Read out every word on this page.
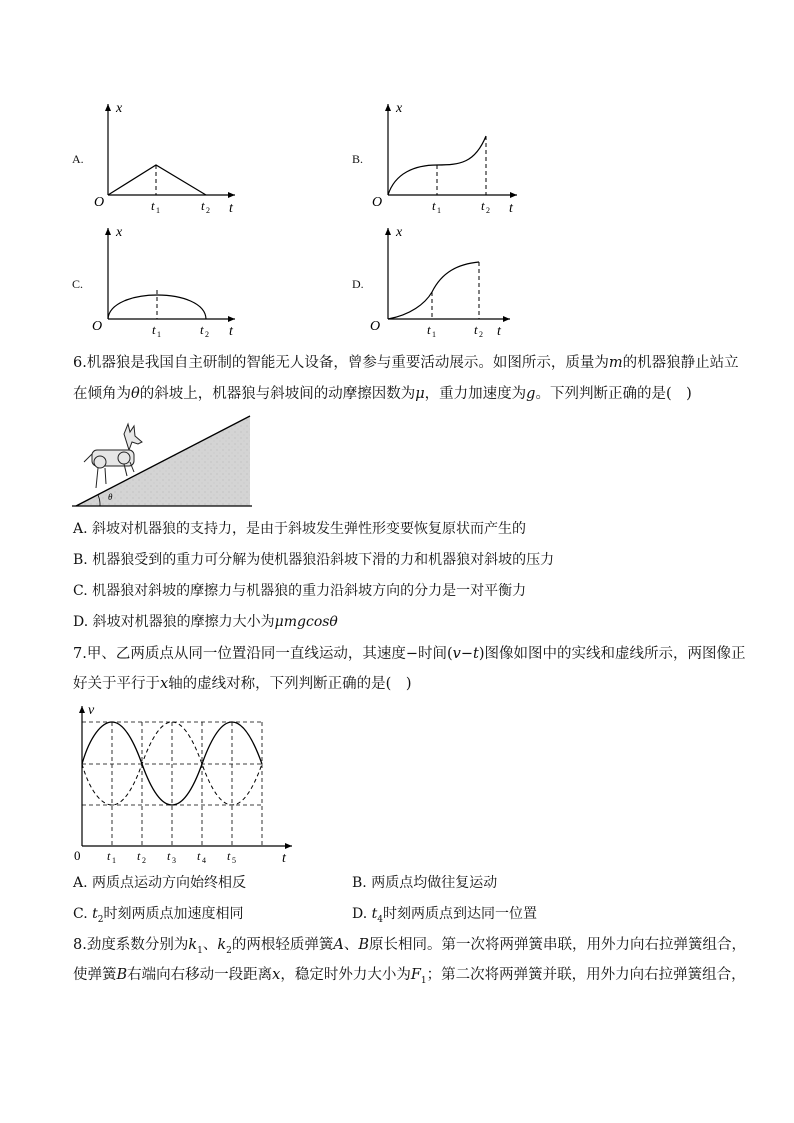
A.
x
O	t
t 1	t 2
B.
x
O	t
t 1	t 2
C.
x
O	t
t 1	t 2
D.
x
O	t
t 1	t 2
6.机器狼是我国自主研制的智能无人设备，曾参与重要活动展示。如图所示，质量为m的机器狼静止站立
在倾角为θ的斜坡上，机器狼与斜坡间的动摩擦因数为μ，重力加速度为g。下列判断正确的是(　)
θ
A. 斜坡对机器狼的支持力，是由于斜坡发生弹性形变要恢复原状而产生的
B. 机器狼受到的重力可分解为使机器狼沿斜坡下滑的力和机器狼对斜坡的压力
C. 机器狼对斜坡的摩擦力与机器狼的重力沿斜坡方向的分力是一对平衡力
D. 斜坡对机器狼的摩擦力大小为μmgcosθ
7.甲、乙两质点从同一位置沿同一直线运动，其速度−时间(v−t)图像如图中的实线和虚线所示，两图像正
好关于平行于x轴的虚线对称，下列判断正确的是(　)
v
0	t
t 1 t 2 t 3 t 4 t 5
A. 两质点运动方向始终相反	B. 两质点均做往复运动
C. $t_2$时刻两质点加速度相同	D. $t_4$时刻两质点到达同一位置
8.劲度系数分别为$k_1$、$k_2$的两根轻质弹簧A、B原长相同。第一次将两弹簧串联，用外力向右拉弹簧组合，
使弹簧B右端向右移动一段距离x，稳定时外力大小为$F_1$；第二次将两弹簧并联，用外力向右拉弹簧组合，
